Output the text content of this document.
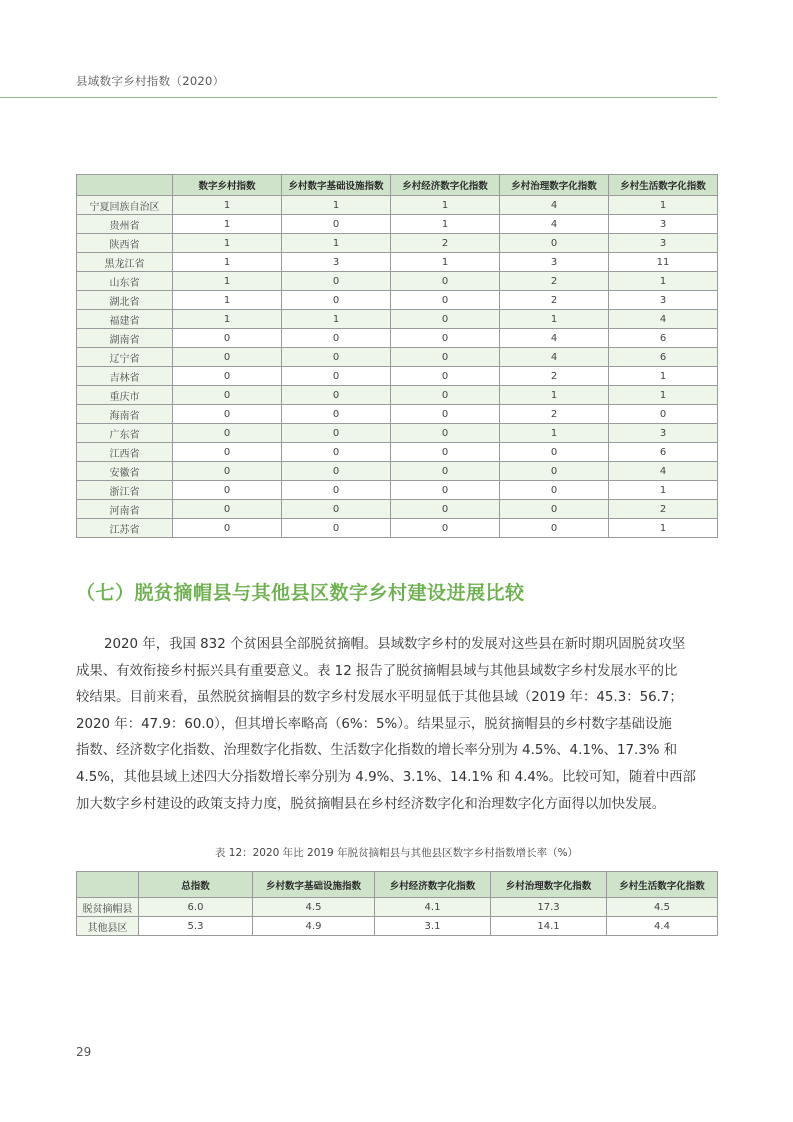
县域数字乡村指数（2020）
	数字乡村指数	乡村数字基础设施指数	乡村经济数字化指数	乡村治理数字化指数	乡村生活数字化指数
宁夏回族自治区	1	1	1	4	1
贵州省	1	0	1	4	3
陕西省	1	1	2	0	3
黑龙江省	1	3	1	3	11
山东省	1	0	0	2	1
湖北省	1	0	0	2	3
福建省	1	1	0	1	4
湖南省	0	0	0	4	6
辽宁省	0	0	0	4	6
吉林省	0	0	0	2	1
重庆市	0	0	0	1	1
海南省	0	0	0	2	0
广东省	0	0	0	1	3
江西省	0	0	0	0	6
安徽省	0	0	0	0	4
浙江省	0	0	0	0	1
河南省	0	0	0	0	2
江苏省	0	0	0	0	1
（七）脱贫摘帽县与其他县区数字乡村建设进展比较

2020 年，我国 832 个贫困县全部脱贫摘帽。县域数字乡村的发展对这些县在新时期巩固脱贫攻坚
成果、有效衔接乡村振兴具有重要意义。表 12 报告了脱贫摘帽县域与其他县域数字乡村发展水平的比
较结果。目前来看，虽然脱贫摘帽县的数字乡村发展水平明显低于其他县域（2019 年：45.3：56.7；
2020 年：47.9：60.0），但其增长率略高（6%：5%）。结果显示，脱贫摘帽县的乡村数字基础设施
指数、经济数字化指数、治理数字化指数、生活数字化指数的增长率分别为 4.5%、4.1%、17.3% 和
4.5%，其他县域上述四大分指数增长率分别为 4.9%、3.1%、14.1% 和 4.4%。比较可知，随着中西部
加大数字乡村建设的政策支持力度，脱贫摘帽县在乡村经济数字化和治理数字化方面得以加快发展。

表 12：2020 年比 2019 年脱贫摘帽县与其他县区数字乡村指数增长率（%）
	总指数	乡村数字基础设施指数	乡村经济数字化指数	乡村治理数字化指数	乡村生活数字化指数
脱贫摘帽县	6.0	4.5	4.1	17.3	4.5
其他县区	5.3	4.9	3.1	14.1	4.4
29
